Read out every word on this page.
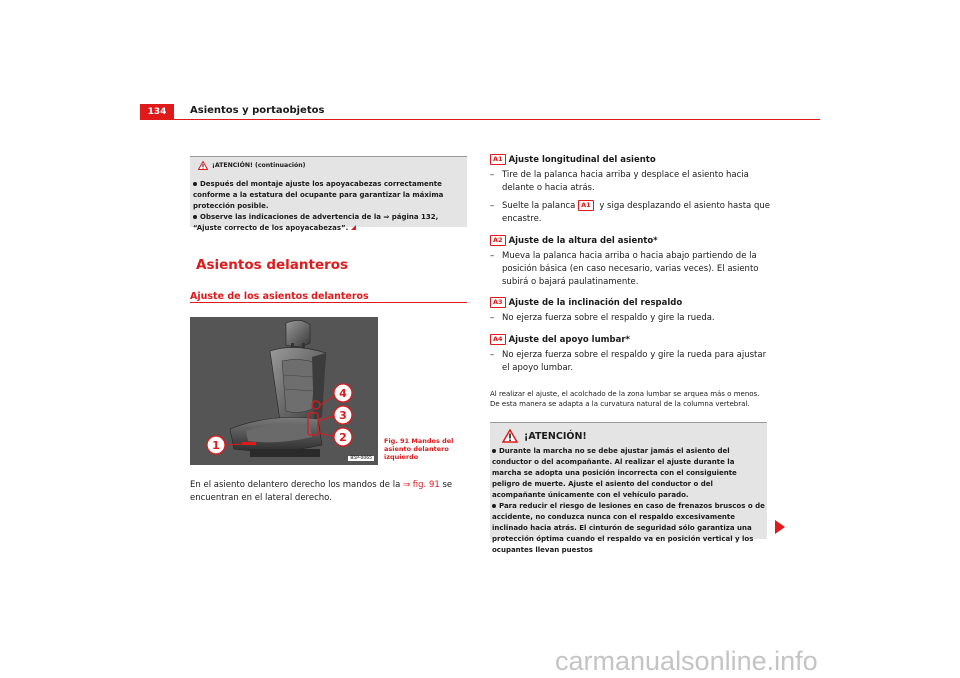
134	Asientos y portaobjetos
¡ATENCIÓN! (continuación)
Después del montaje ajuste los apoyacabezas correctamente conforme a la estatura del ocupante para garantizar la máxima protección posible.
Observe las indicaciones de advertencia de la ⇒ página 132, “Ajuste correcto de los apoyacabezas”.
Asientos delanteros
Ajuste de los asientos delanteros
1
2
3
4
B5P-0065
Fig. 91 Mandos del
asiento delantero
izquierdo
En el asiento delantero derecho los mandos de la ⇒ fig. 91 se encuentran en el lateral derecho.
A1 Ajuste longitudinal del asiento
– Tire de la palanca hacia arriba y desplace el asiento hacia delante o hacia atrás.
– Suelte la palanca A1 y siga desplazando el asiento hasta que encastre.
A2 Ajuste de la altura del asiento*
– Mueva la palanca hacia arriba o hacia abajo partiendo de la posición básica (en caso necesario, varias veces). El asiento subirá o bajará paulatinamente.
A3 Ajuste de la inclinación del respaldo
– No ejerza fuerza sobre el respaldo y gire la rueda.
A4 Ajuste del apoyo lumbar*
– No ejerza fuerza sobre el respaldo y gire la rueda para ajustar el apoyo lumbar.
Al realizar el ajuste, el acolchado de la zona lumbar se arquea más o menos. De esta manera se adapta a la curvatura natural de la columna vertebral.
¡ATENCIÓN!
Durante la marcha no se debe ajustar jamás el asiento del conductor o del acompañante. Al realizar el ajuste durante la marcha se adopta una posición incorrecta con el consiguiente peligro de muerte. Ajuste el asiento del conductor o del acompañante únicamente con el vehículo parado.
Para reducir el riesgo de lesiones en caso de frenazos bruscos o de accidente, no conduzca nunca con el respaldo excesivamente inclinado hacia atrás. El cinturón de seguridad sólo garantiza una protección óptima cuando el respaldo va en posición vertical y los ocupantes llevan puestos
carmanualsonline.info
